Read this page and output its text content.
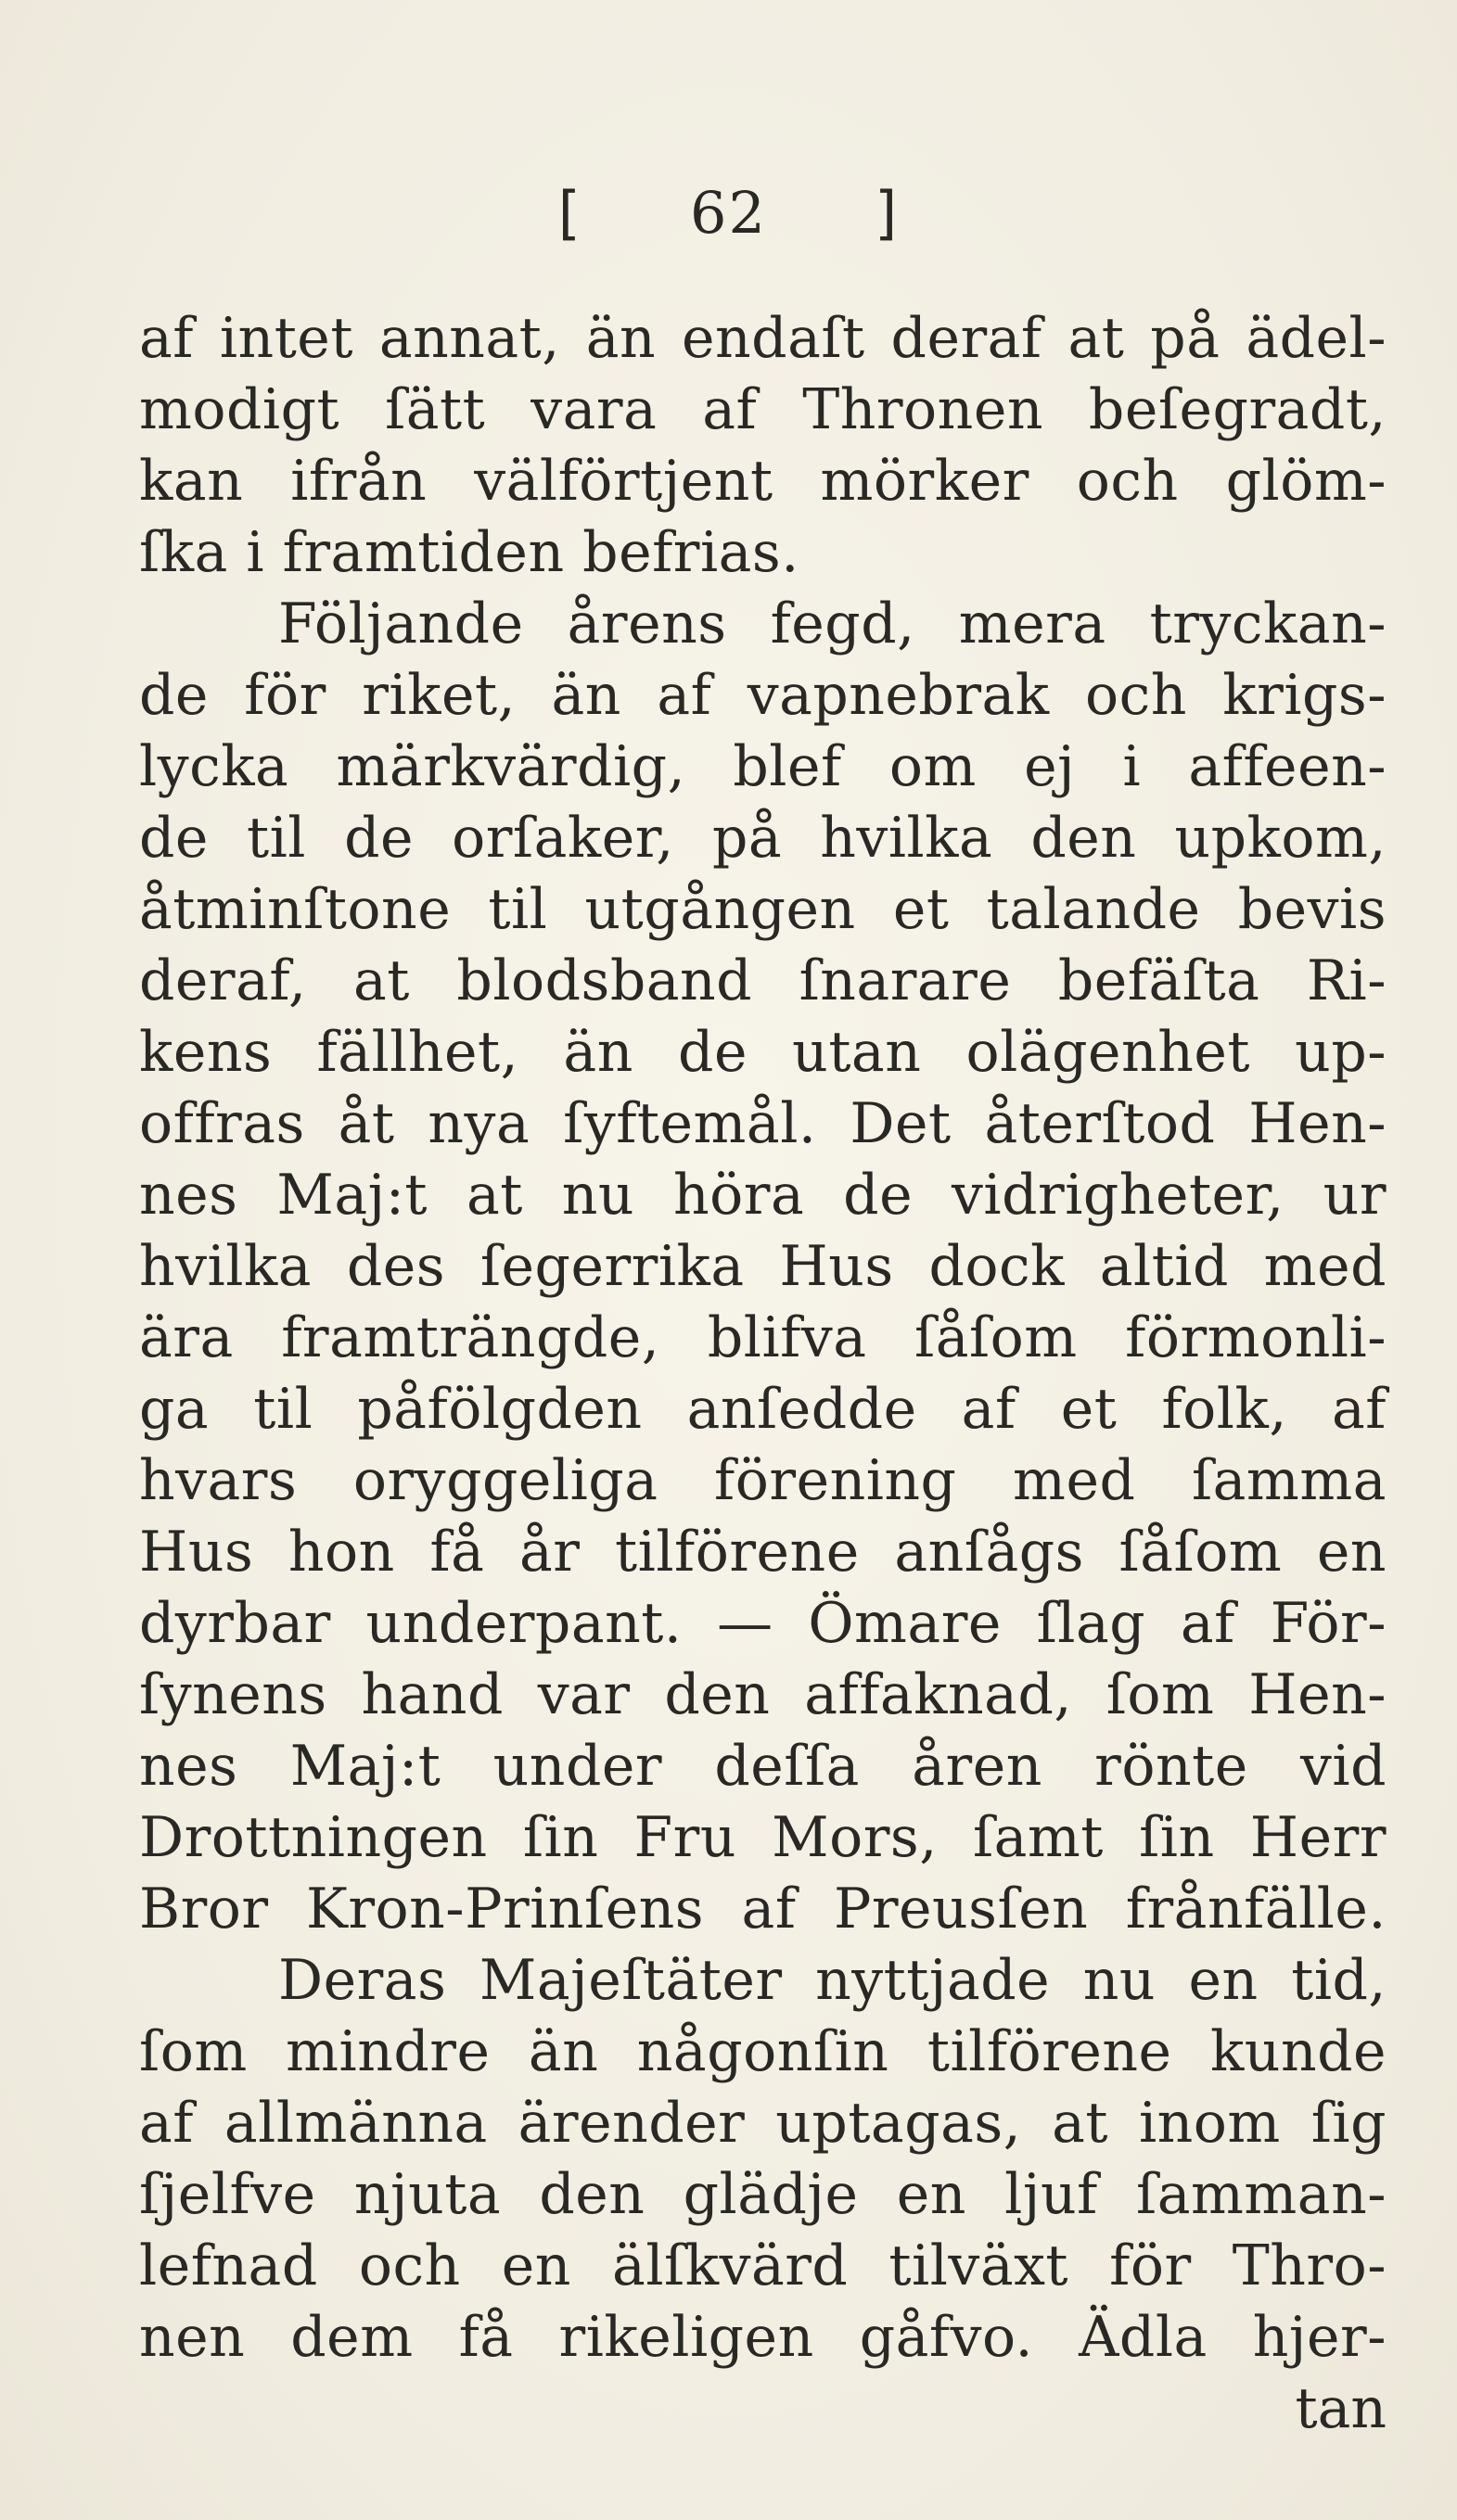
[ 62 ]
af intet annat, än endaſt deraf at på ädel-
modigt ſätt vara af Thronen beſegradt,
kan ifrån välförtjent mörker och glöm-
ſka i framtiden befrias.
Följande årens fegd, mera tryckan-
de för riket, än af vapnebrak och krigs-
lycka märkvärdig, blef om ej i affeen-
de til de orſaker, på hvilka den upkom,
åtminſtone til utgången et talande bevis
deraf, at blodsband ſnarare befäſta Ri-
kens fällhet, än de utan olägenhet up-
offras åt nya ſyftemål. Det återſtod Hen-
nes Maj:t at nu höra de vidrigheter, ur
hvilka des ſegerrika Hus dock altid med
ära framträngde, blifva ſåſom förmonli-
ga til påfölgden anſedde af et folk, af
hvars oryggeliga förening med ſamma
Hus hon få år tilförene anſågs ſåſom en
dyrbar underpant. — Ömare ſlag af För-
ſynens hand var den affaknad, ſom Hen-
nes Maj:t under deſſa åren rönte vid
Drottningen ſin Fru Mors, ſamt ſin Herr
Bror Kron-Prinſens af Preusſen frånfälle.
Deras Majeſtäter nyttjade nu en tid,
ſom mindre än någonſin tilförene kunde
af allmänna ärender uptagas, at inom ſig
ſjelfve njuta den glädje en ljuf ſamman-
lefnad och en älſkvärd tilväxt för Thro-
nen dem få rikeligen gåfvo. Ädla hjer-
tan
